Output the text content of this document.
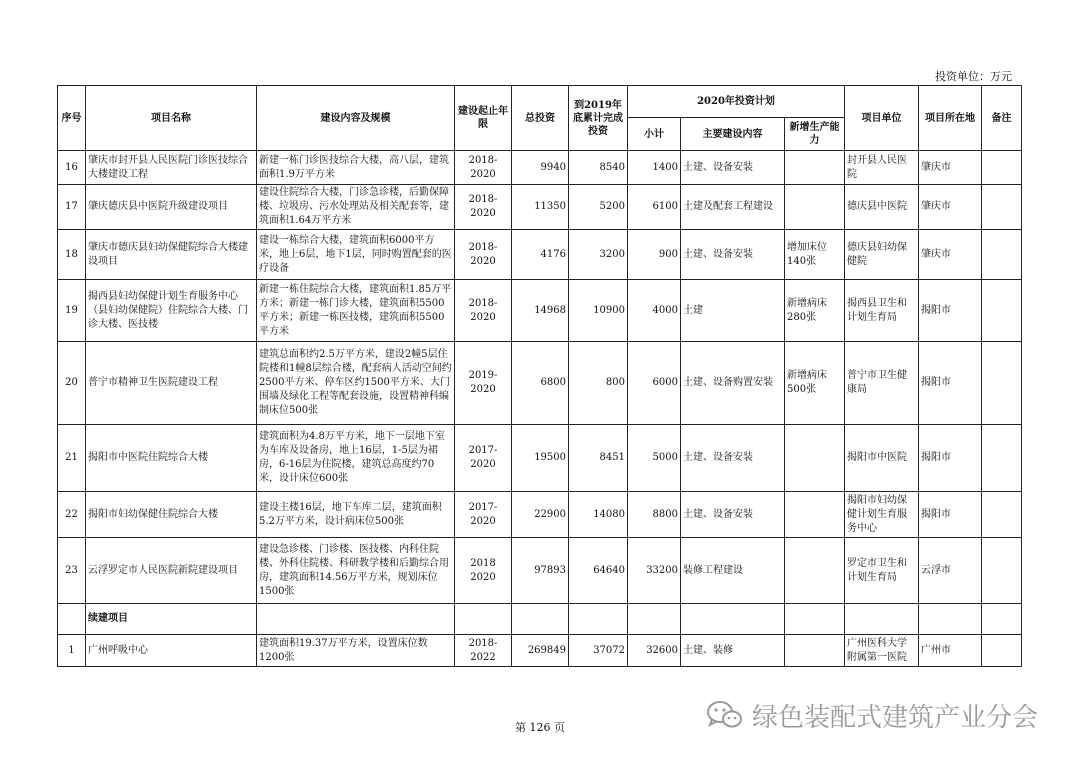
投资单位：万元
序号	项目名称	建设内容及规模	建设起止年限	总投资	到2019年底累计完成投资	2020年投资计划			项目单位	项目所在地	备注
						小计	主要建设内容	新增生产能力			
16	肇庆市封开县人民医院门诊医技综合大楼建设工程	新建一栋门诊医技综合大楼，高八层，建筑面积1.9万平方米	2018-2020	9940	8540	1400	土建、设备安装		封开县人民医院	肇庆市	
17	肇庆德庆县中医院升级建设项目	建设住院综合大楼，门诊急诊楼，后勤保障楼、垃圾房、污水处理站及相关配套等，建筑面积1.64万平方米	2018-2020	11350	5200	6100	土建及配套工程建设		德庆县中医院	肇庆市	
18	肇庆市德庆县妇幼保健院综合大楼建设项目	建设一栋综合大楼，建筑面积6000平方米，地上6层，地下1层，同时购置配套的医疗设备	2018-2020	4176	3200	900	土建、设备安装	增加床位140张	德庆县妇幼保健院	肇庆市	
19	揭西县妇幼保健计划生育服务中心（县妇幼保健院）住院综合大楼、门诊大楼、医技楼	新建一栋住院综合大楼，建筑面积1.85万平方米；新建一栋门诊大楼，建筑面积5500平方米；新建一栋医技楼，建筑面积5500平方米	2018-2020	14968	10900	4000	土建	新增病床280张	揭西县卫生和计划生育局	揭阳市	
20	普宁市精神卫生医院建设工程	建筑总面积约2.5万平方米，建设2幢5层住院楼和1幢8层综合楼，配套病人活动空间约2500平方米、停车区约1500平方米、大门围墙及绿化工程等配套设施，设置精神科编制床位500张	2019-2020	6800	800	6000	土建、设备购置安装	新增病床500张	普宁市卫生健康局	揭阳市	
21	揭阳市中医院住院综合大楼	建筑面积为4.8万平方米，地下一层地下室为车库及设备房，地上16层，1-5层为裙房，6-16层为住院楼，建筑总高度约70米，设计床位600张	2017-2020	19500	8451	5000	土建、设备安装		揭阳市中医院	揭阳市	
22	揭阳市妇幼保健住院综合大楼	建设主楼16层，地下车库二层，建筑面积5.2万平方米，设计病床位500张	2017-2020	22900	14080	8800	土建、设备安装		揭阳市妇幼保健计划生育服务中心	揭阳市	
23	云浮罗定市人民医院新院建设项目	建设急诊楼、门诊楼、医技楼、内科住院楼、外科住院楼、科研教学楼和后勤综合用房，建筑面积14.56万平方米，规划床位1500张	2018 2020	97893	64640	33200	装修工程建设		罗定市卫生和计划生育局	云浮市	
	续建项目										
1	广州呼吸中心	建筑面积19.37万平方米，设置床位数1200张	2018-2022	269849	37072	32600	土建、装修		广州医科大学附属第一医院	广州市	
绿色装配式建筑产业分会
第 126 页
